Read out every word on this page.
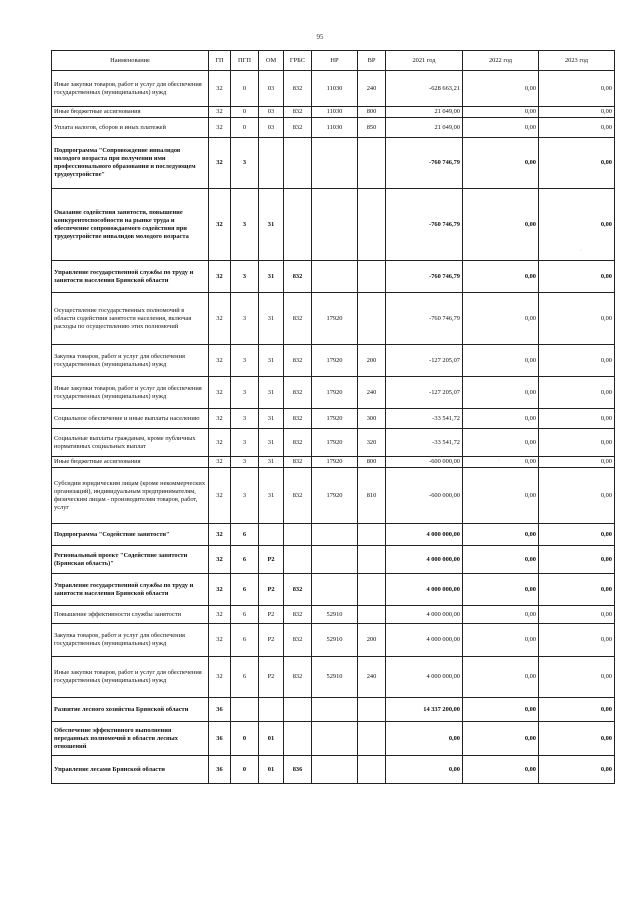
95
Наименование	ГП	ПГП	ОМ	ГРБС	НР	ВР	2021 год	2022 год	2023 год
Иные закупки товаров, работ и услуг для обеспечения государственных (муниципальных) нужд	32	0	03	832	11030	240	-628 663,21	0,00	0,00
Иные бюджетные ассигнования	32	0	03	832	11030	800	21 049,00	0,00	0,00
Уплата налогов, сборов и иных платежей	32	0	03	832	11030	850	21 049,00	0,00	0,00
Подпрограмма "Сопровождение инвалидов молодого возраста при получении ими профессионального образования и последующем трудоустройстве"	32	3					-760 746,79	0,00	0,00
Оказание содействия занятости, повышение конкурентоспособности на рынке труда и обеспечение сопровождаемого содействия при трудоустройстве инвалидов молодого возраста	32	3	31				-760 746,79	0,00	0,00
Управление государственной службы по труду и занятости населения Брянской области	32	3	31	832			-760 746,79	0,00	0,00
Осуществление государственных полномочий в области содействия занятости населения, включая расходы по осуществлению этих полномочий	32	3	31	832	17920		-760 746,79	0,00	0,00
Закупка товаров, работ и услуг для обеспечения государственных (муниципальных) нужд	32	3	31	832	17920	200	-127 205,07	0,00	0,00
Иные закупки товаров, работ и услуг для обеспечения государственных (муниципальных) нужд	32	3	31	832	17920	240	-127 205,07	0,00	0,00
Социальное обеспечение и иные выплаты населению	32	3	31	832	17920	300	-33 541,72	0,00	0,00
Социальные выплаты гражданам, кроме публичных нормативных социальных выплат	32	3	31	832	17920	320	-33 541,72	0,00	0,00
Иные бюджетные ассигнования	32	3	31	832	17920	800	-600 000,00	0,00	0,00
Субсидии юридическим лицам (кроме некоммерческих организаций), индивидуальным предпринимателям, физическим лицам - производителям товаров, работ, услуг	32	3	31	832	17920	810	-600 000,00	0,00	0,00
Подпрограмма "Содействие занятости"	32	6					4 000 000,00	0,00	0,00
Региональный проект "Содействие занятости (Брянская область)"	32	6	Р2				4 000 000,00	0,00	0,00
Управление государственной службы по труду и занятости населения Брянской области	32	6	Р2	832			4 000 000,00	0,00	0,00
Повышение эффективности службы занятости	32	6	Р2	832	52910		4 000 000,00	0,00	0,00
Закупка товаров, работ и услуг для обеспечения государственных (муниципальных) нужд	32	6	Р2	832	52910	200	4 000 000,00	0,00	0,00
Иные закупки товаров, работ и услуг для обеспечения государственных (муниципальных) нужд	32	6	Р2	832	52910	240	4 000 000,00	0,00	0,00
Развитие лесного хозяйства Брянской области	36						14 337 200,00	0,00	0,00
Обеспечение эффективного выполнения переданных полномочий в области лесных отношений	36	0	01				0,00	0,00	0,00
Управление лесами Брянской области	36	0	01	836			0,00	0,00	0,00
·
·
